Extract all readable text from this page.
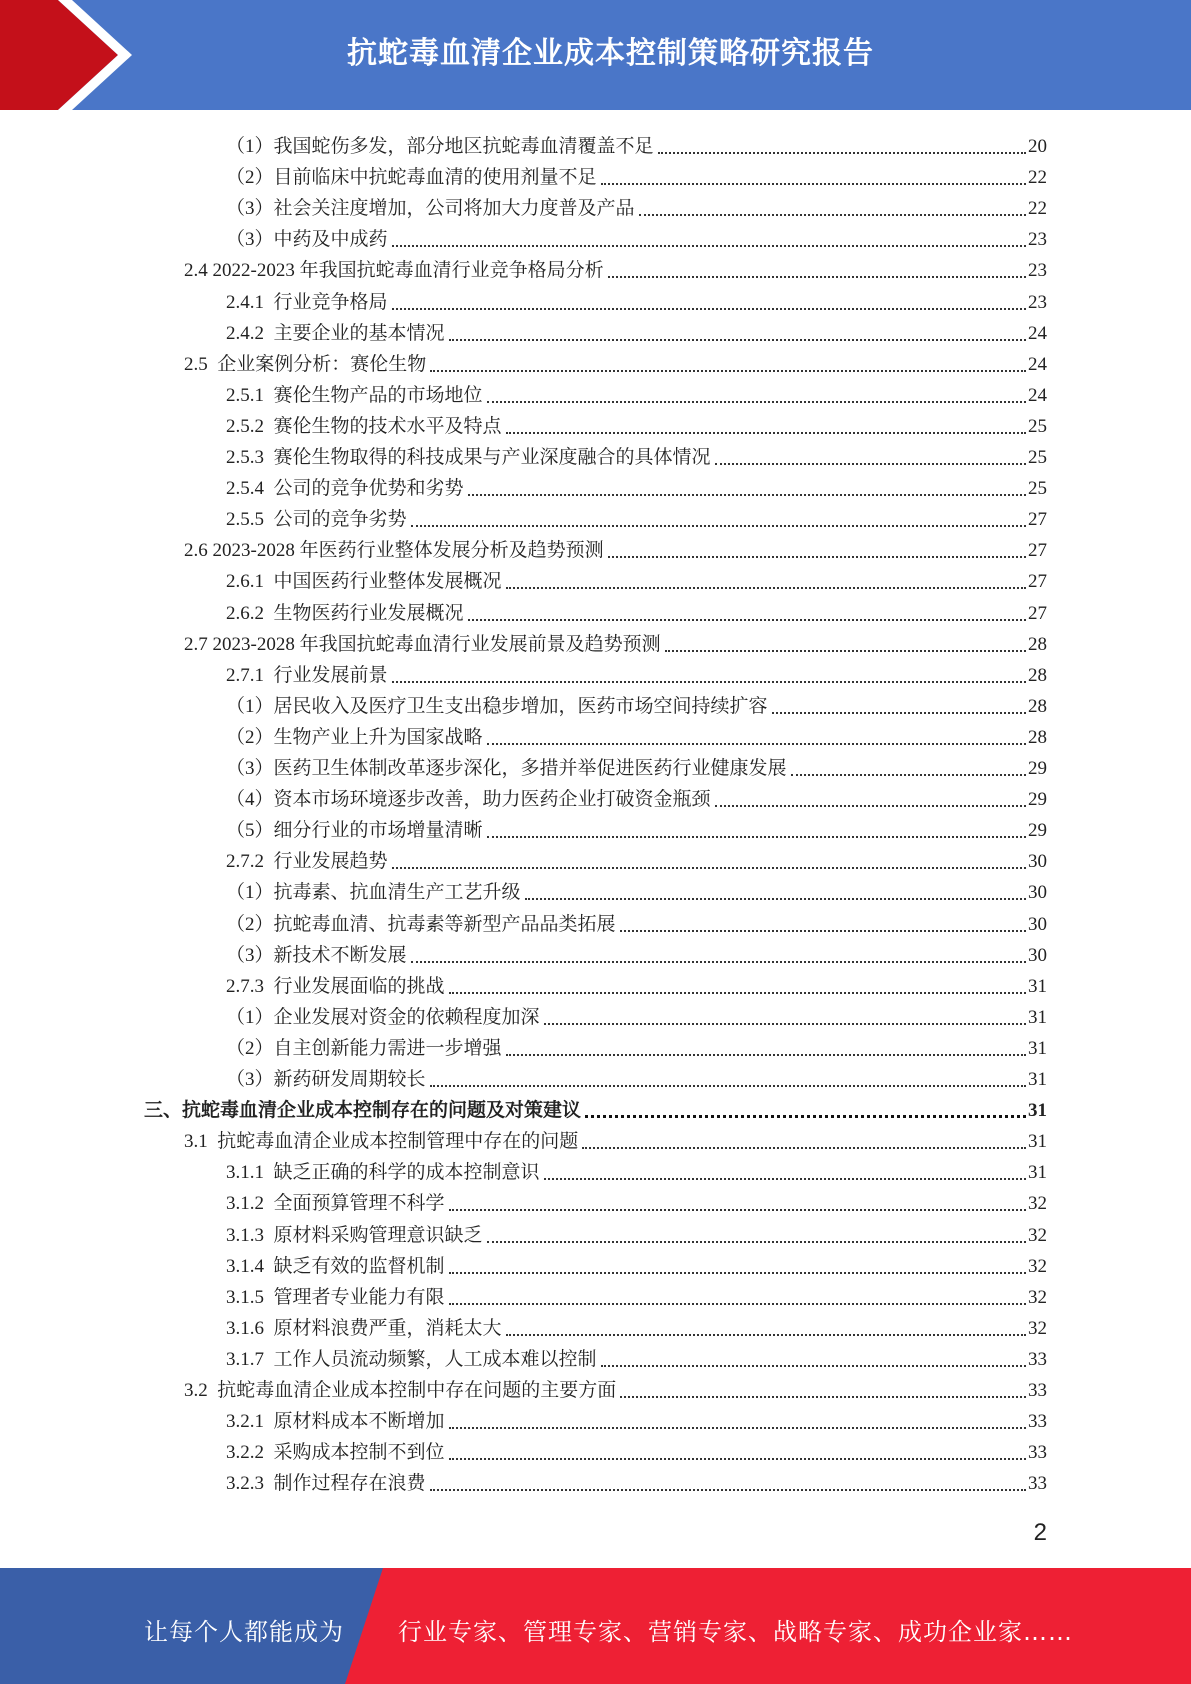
抗蛇毒血清企业成本控制策略研究报告
（1）我国蛇伤多发，部分地区抗蛇毒血清覆盖不足	20
（2）目前临床中抗蛇毒血清的使用剂量不足	22
（3）社会关注度增加，公司将加大力度普及产品	22
（3）中药及中成药	23
2.4 2022-2023 年我国抗蛇毒血清行业竞争格局分析	23
2.4.1  行业竞争格局	23
2.4.2  主要企业的基本情况	24
2.5  企业案例分析：赛伦生物	24
2.5.1  赛伦生物产品的市场地位	24
2.5.2  赛伦生物的技术水平及特点	25
2.5.3  赛伦生物取得的科技成果与产业深度融合的具体情况	25
2.5.4  公司的竞争优势和劣势	25
2.5.5  公司的竞争劣势	27
2.6 2023-2028 年医药行业整体发展分析及趋势预测	27
2.6.1  中国医药行业整体发展概况	27
2.6.2  生物医药行业发展概况	27
2.7 2023-2028 年我国抗蛇毒血清行业发展前景及趋势预测	28
2.7.1  行业发展前景	28
（1）居民收入及医疗卫生支出稳步增加，医药市场空间持续扩容	28
（2）生物产业上升为国家战略	28
（3）医药卫生体制改革逐步深化，多措并举促进医药行业健康发展	29
（4）资本市场环境逐步改善，助力医药企业打破资金瓶颈	29
（5）细分行业的市场增量清晰	29
2.7.2  行业发展趋势	30
（1）抗毒素、抗血清生产工艺升级	30
（2）抗蛇毒血清、抗毒素等新型产品品类拓展	30
（3）新技术不断发展	30
2.7.3  行业发展面临的挑战	31
（1）企业发展对资金的依赖程度加深	31
（2）自主创新能力需进一步增强	31
（3）新药研发周期较长	31
三、抗蛇毒血清企业成本控制存在的问题及对策建议	31
3.1  抗蛇毒血清企业成本控制管理中存在的问题	31
3.1.1  缺乏正确的科学的成本控制意识	31
3.1.2  全面预算管理不科学	32
3.1.3  原材料采购管理意识缺乏	32
3.1.4  缺乏有效的监督机制	32
3.1.5  管理者专业能力有限	32
3.1.6  原材料浪费严重，消耗太大	32
3.1.7  工作人员流动频繁，人工成本难以控制	33
3.2  抗蛇毒血清企业成本控制中存在问题的主要方面	33
3.2.1  原材料成本不断增加	33
3.2.2  采购成本控制不到位	33
3.2.3  制作过程存在浪费	33
2
让每个人都能成为 行业专家、管理专家、营销专家、战略专家、成功企业家……
